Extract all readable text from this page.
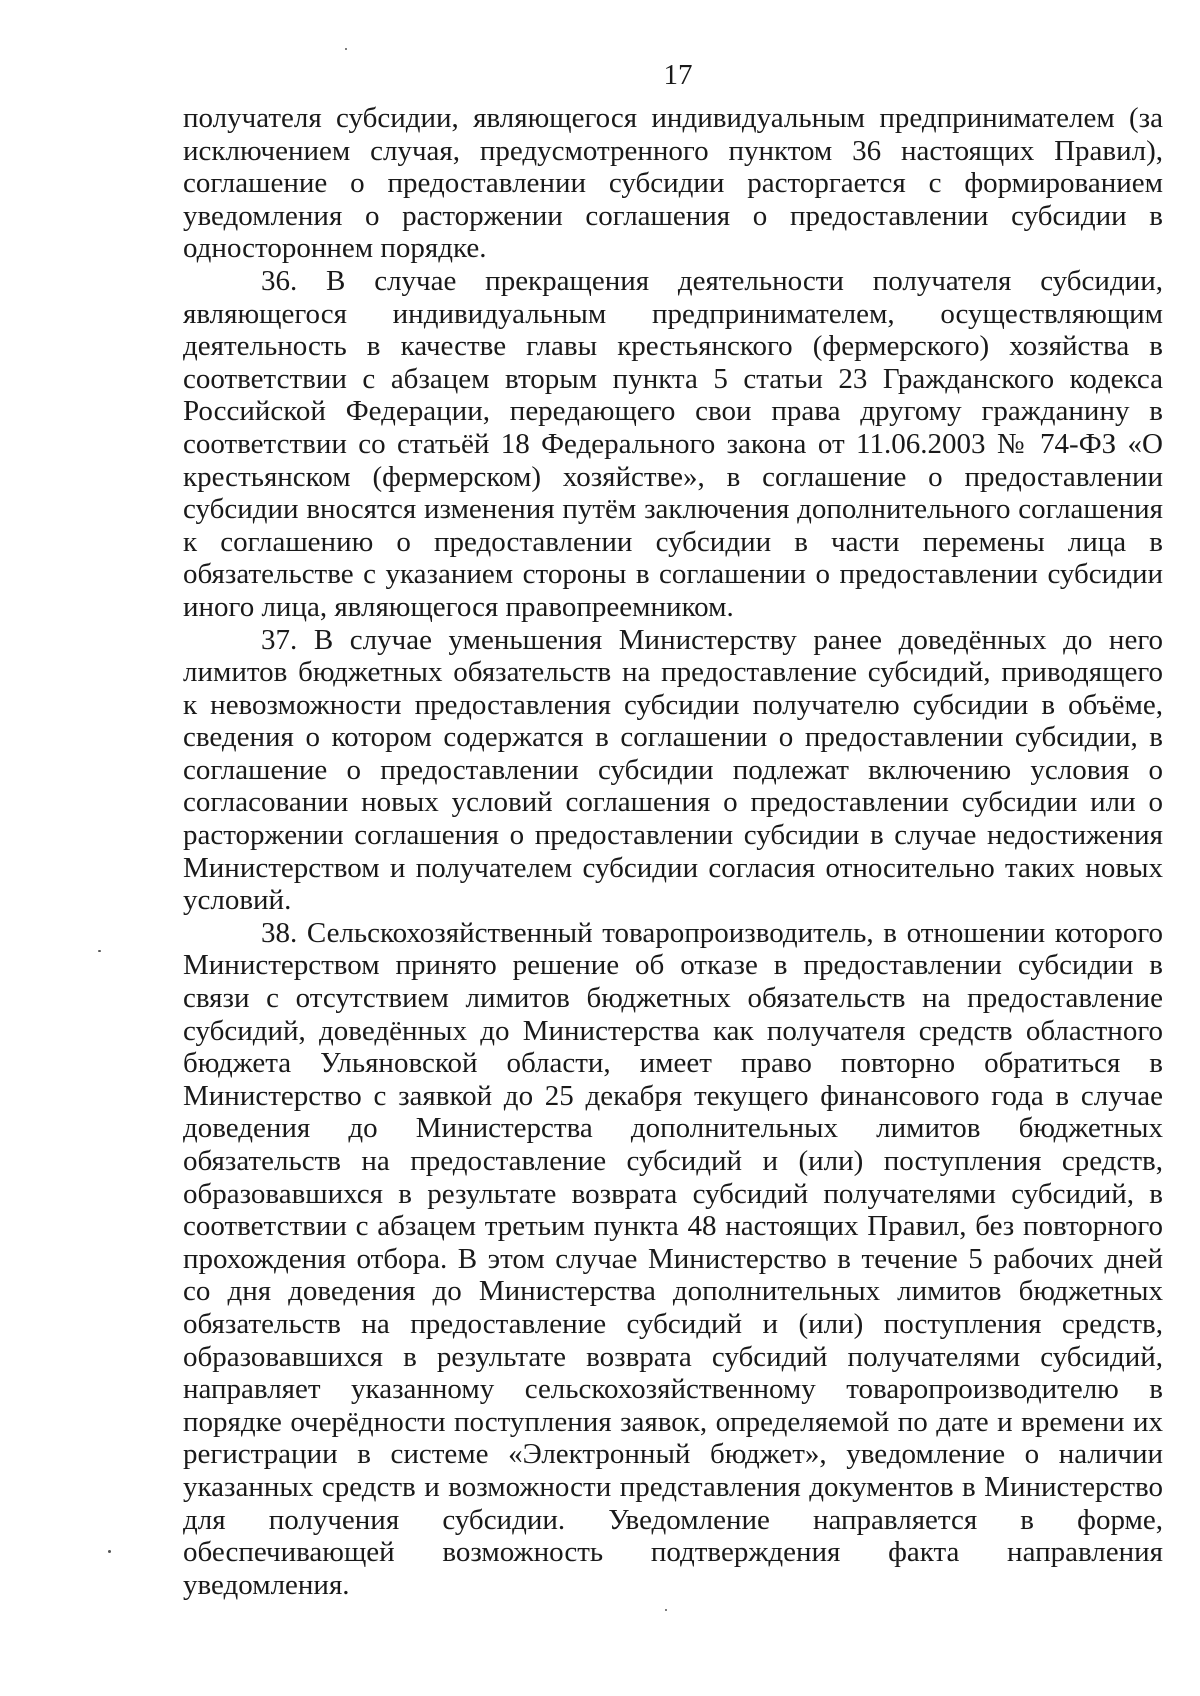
17

получателя субсидии, являющегося индивидуальным предпринимателем (за исключением случая, предусмотренного пунктом 36 настоящих Правил), соглашение о предоставлении субсидии расторгается с формированием уведомления о расторжении соглашения о предоставлении субсидии в одностороннем порядке.

36. В случае прекращения деятельности получателя субсидии, являющегося индивидуальным предпринимателем, осуществляющим деятельность в качестве главы крестьянского (фермерского) хозяйства в соответствии с абзацем вторым пункта 5 статьи 23 Гражданского кодекса Российской Федерации, передающего свои права другому гражданину в соответствии со статьёй 18 Федерального закона от 11.06.2003 № 74-ФЗ «О крестьянском (фермерском) хозяйстве», в соглашение о предоставлении субсидии вносятся изменения путём заключения дополнительного соглашения к соглашению о предоставлении субсидии в части перемены лица в обязательстве с указанием стороны в соглашении о предоставлении субсидии иного лица, являющегося правопреемником.

37. В случае уменьшения Министерству ранее доведённых до него лимитов бюджетных обязательств на предоставление субсидий, приводящего к невозможности предоставления субсидии получателю субсидии в объёме, сведения о котором содержатся в соглашении о предоставлении субсидии, в соглашение о предоставлении субсидии подлежат включению условия о согласовании новых условий соглашения о предоставлении субсидии или о расторжении соглашения о предоставлении субсидии в случае недостижения Министерством и получателем субсидии согласия относительно таких новых условий.

38. Сельскохозяйственный товаропроизводитель, в отношении которого Министерством принято решение об отказе в предоставлении субсидии в связи с отсутствием лимитов бюджетных обязательств на предоставление субсидий, доведённых до Министерства как получателя средств областного бюджета Ульяновской области, имеет право повторно обратиться в Министерство с заявкой до 25 декабря текущего финансового года в случае доведения до Министерства дополнительных лимитов бюджетных обязательств на предоставление субсидий и (или) поступления средств, образовавшихся в результате возврата субсидий получателями субсидий, в соответствии с абзацем третьим пункта 48 настоящих Правил, без повторного прохождения отбора. В этом случае Министерство в течение 5 рабочих дней со дня доведения до Министерства дополнительных лимитов бюджетных обязательств на предоставление субсидий и (или) поступления средств, образовавшихся в результате возврата субсидий получателями субсидий, направляет указанному сельскохозяйственному товаропроизводителю в порядке очерёдности поступления заявок, определяемой по дате и времени их регистрации в системе «Электронный бюджет», уведомление о наличии указанных средств и возможности представления документов в Министерство для получения субсидии. Уведомление направляется в форме, обеспечивающей возможность подтверждения факта направления уведомления.
